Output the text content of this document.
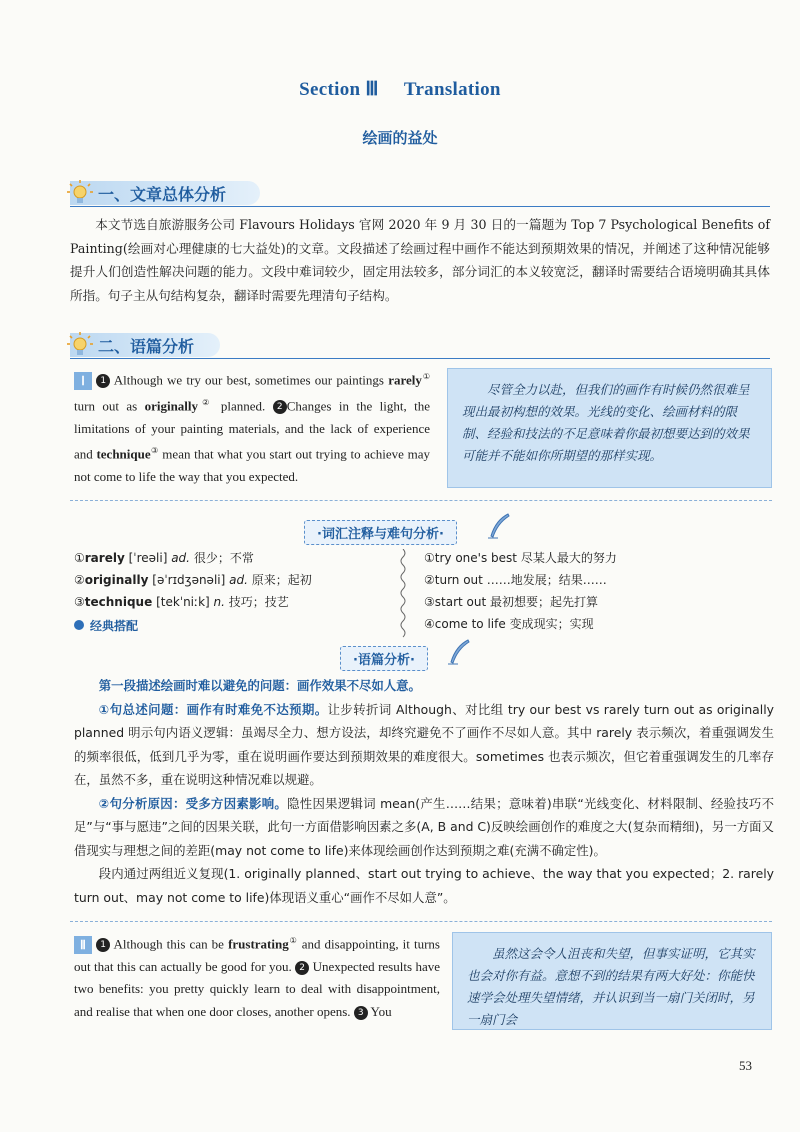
Section Ⅲ Translation
绘画的益处
一、文章总体分析

本文节选自旅游服务公司 Flavours Holidays 官网 2020 年 9 月 30 日的一篇题为 Top 7 Psychological Benefits of Painting(绘画对心理健康的七大益处)的文章。文段描述了绘画过程中画作不能达到预期效果的情况，并阐述了这种情况能够提升人们创造性解决问题的能力。文段中难词较少，固定用法较多，部分词汇的本义较宽泛，翻译时需要结合语境明确其具体所指。句子主从句结构复杂，翻译时需要先理清句子结构。

二、语篇分析
Ⅰ 1 Although we try our best, sometimes our paintings rarely① turn out as originally② planned. 2 Changes in the light, the limitations of your painting materials, and the lack of experience and technique③ mean that what you start out trying to achieve may not come to life the way that you expected.

尽管全力以赴，但我们的画作有时候仍然很难呈现出最初构想的效果。光线的变化、绘画材料的限制、经验和技法的不足意味着你最初想要达到的效果可能并不能如你所期望的那样实现。

·词汇注释与难句分析·
①rarely [ˈreəli] ad. 很少；不常
②originally [əˈrɪdʒənəli] ad. 原来；起初
③technique [tekˈniːk] n. 技巧；技艺
经典搭配
①try one's best 尽某人最大的努力
②turn out ……地发展；结果……
③start out 最初想要；起先打算
④come to life 变成现实；实现
·语篇分析·
第一段描述绘画时难以避免的问题：画作效果不尽如人意。

①句总述问题：画作有时难免不达预期。让步转折词 Although、对比组 try our best vs rarely turn out as originally planned 明示句内语义逻辑：虽竭尽全力、想方设法，却终究避免不了画作不尽如人意。其中 rarely 表示频次，着重强调发生的频率很低，低到几乎为零，重在说明画作要达到预期效果的难度很大。sometimes 也表示频次，但它着重强调发生的几率存在，虽然不多，重在说明这种情况难以规避。

②句分析原因：受多方因素影响。隐性因果逻辑词 mean(产生……结果；意味着)串联“光线变化、材料限制、经验技巧不足”与“事与愿违”之间的因果关联，此句一方面借影响因素之多(A, B and C)反映绘画创作的难度之大(复杂而精细)，另一方面又借现实与理想之间的差距(may not come to life)来体现绘画创作达到预期之难(充满不确定性)。

段内通过两组近义复现(1. originally planned、start out trying to achieve、the way that you expected；2. rarely turn out、may not come to life)体现语义重心“画作不尽如人意”。

Ⅱ 1 Although this can be frustrating① and disappointing, it turns out that this can actually be good for you. 2 Unexpected results have two benefits: you pretty quickly learn to deal with disappointment, and realise that when one door closes, another opens. 3 You

虽然这会令人沮丧和失望，但事实证明，它其实也会对你有益。意想不到的结果有两大好处：你能快速学会处理失望情绪，并认识到当一扇门关闭时，另一扇门会

53
